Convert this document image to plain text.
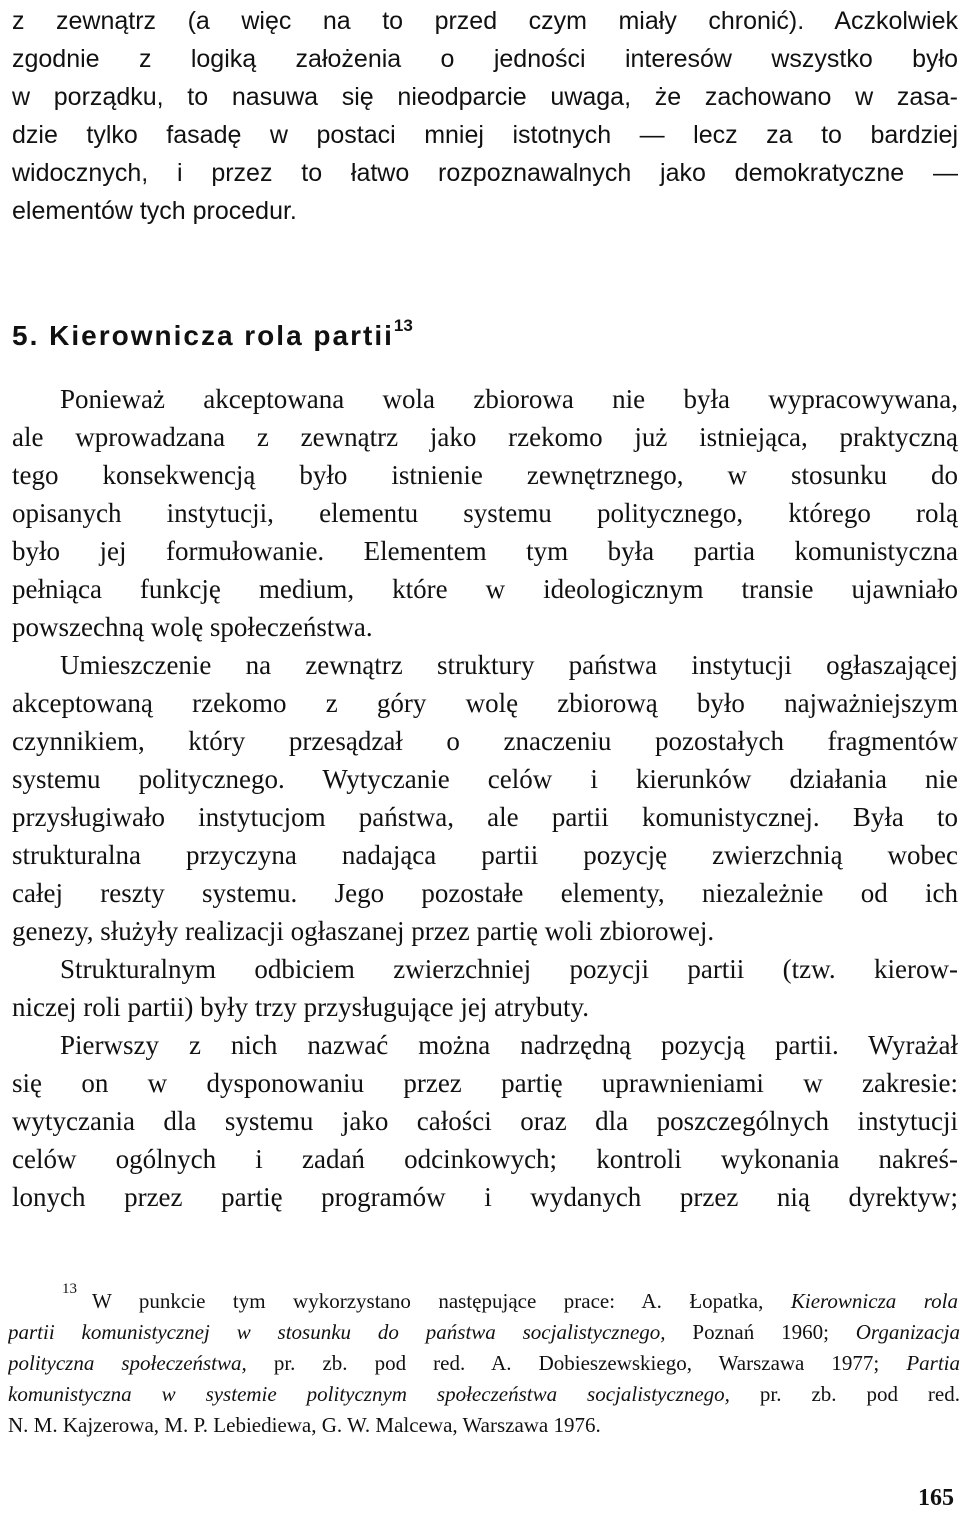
z zewnątrz (a więc na to przed czym miały chronić). Aczkolwiek
zgodnie z logiką założenia o jedności interesów wszystko było
w porządku, to nasuwa się nieodparcie uwaga, że zachowano w zasa-
dzie tylko fasadę w postaci mniej istotnych — lecz za to bardziej
widocznych, i przez to łatwo rozpoznawalnych jako demokratyczne —
elementów tych procedur.
5. Kierownicza rola partii$^{13}$
Ponieważ akceptowana wola zbiorowa nie była wypracowywana,
ale wprowadzana z zewnątrz jako rzekomo już istniejąca, praktyczną
tego konsekwencją było istnienie zewnętrznego, w stosunku do
opisanych instytucji, elementu systemu politycznego, którego rolą
było jej formułowanie. Elementem tym była partia komunistyczna
pełniąca funkcję medium, które w ideologicznym transie ujawniało
powszechną wolę społeczeństwa.
Umieszczenie na zewnątrz struktury państwa instytucji ogłaszającej
akceptowaną rzekomo z góry wolę zbiorową było najważniejszym
czynnikiem, który przesądzał o znaczeniu pozostałych fragmentów
systemu politycznego. Wytyczanie celów i kierunków działania nie
przysługiwało instytucjom państwa, ale partii komunistycznej. Była to
strukturalna przyczyna nadająca partii pozycję zwierzchnią wobec
całej reszty systemu. Jego pozostałe elementy, niezależnie od ich
genezy, służyły realizacji ogłaszanej przez partię woli zbiorowej.
Strukturalnym odbiciem zwierzchniej pozycji partii (tzw. kierow-
niczej roli partii) były trzy przysługujące jej atrybuty.
Pierwszy z nich nazwać można nadrzędną pozycją partii. Wyrażał
się on w dysponowaniu przez partię uprawnieniami w zakresie:
wytyczania dla systemu jako całości oraz dla poszczególnych instytucji
celów ogólnych i zadań odcinkowych; kontroli wykonania nakreś-
lonych przez partię programów i wydanych przez nią dyrektyw;
13 W punkcie tym wykorzystano następujące prace: A. Łopatka, Kierownicza rola
partii komunistycznej w stosunku do państwa socjalistycznego, Poznań 1960; Organizacja
polityczna społeczeństwa, pr. zb. pod red. A. Dobieszewskiego, Warszawa 1977; Partia
komunistyczna w systemie politycznym społeczeństwa socjalistycznego, pr. zb. pod red.
N. M. Kajzerowa, M. P. Lebiediewa, G. W. Malcewa, Warszawa 1976.
165
